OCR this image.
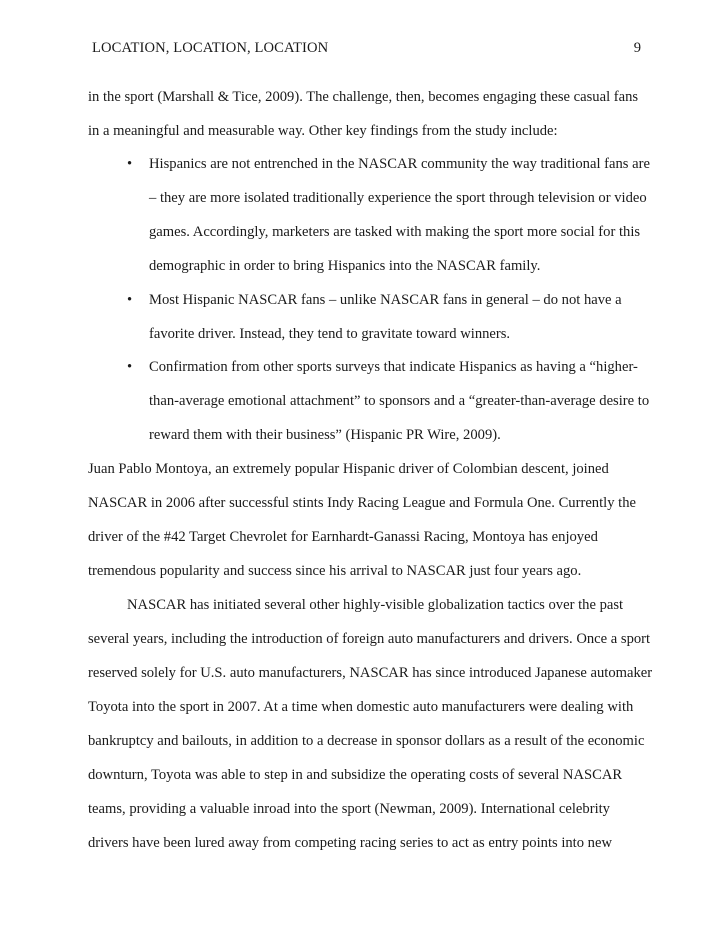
LOCATION, LOCATION, LOCATION	9
in the sport (Marshall & Tice, 2009). The challenge, then, becomes engaging these casual fans
in a meaningful and measurable way. Other key findings from the study include:
• Hispanics are not entrenched in the NASCAR community the way traditional fans are
– they are more isolated traditionally experience the sport through television or video
games. Accordingly, marketers are tasked with making the sport more social for this
demographic in order to bring Hispanics into the NASCAR family.
• Most Hispanic NASCAR fans – unlike NASCAR fans in general – do not have a
favorite driver. Instead, they tend to gravitate toward winners.
• Confirmation from other sports surveys that indicate Hispanics as having a “higher-
than-average emotional attachment” to sponsors and a “greater-than-average desire to
reward them with their business” (Hispanic PR Wire, 2009).
Juan Pablo Montoya, an extremely popular Hispanic driver of Colombian descent, joined
NASCAR in 2006 after successful stints Indy Racing League and Formula One. Currently the
driver of the #42 Target Chevrolet for Earnhardt-Ganassi Racing, Montoya has enjoyed
tremendous popularity and success since his arrival to NASCAR just four years ago.
NASCAR has initiated several other highly-visible globalization tactics over the past
several years, including the introduction of foreign auto manufacturers and drivers. Once a sport
reserved solely for U.S. auto manufacturers, NASCAR has since introduced Japanese automaker
Toyota into the sport in 2007. At a time when domestic auto manufacturers were dealing with
bankruptcy and bailouts, in addition to a decrease in sponsor dollars as a result of the economic
downturn, Toyota was able to step in and subsidize the operating costs of several NASCAR
teams, providing a valuable inroad into the sport (Newman, 2009). International celebrity
drivers have been lured away from competing racing series to act as entry points into new
